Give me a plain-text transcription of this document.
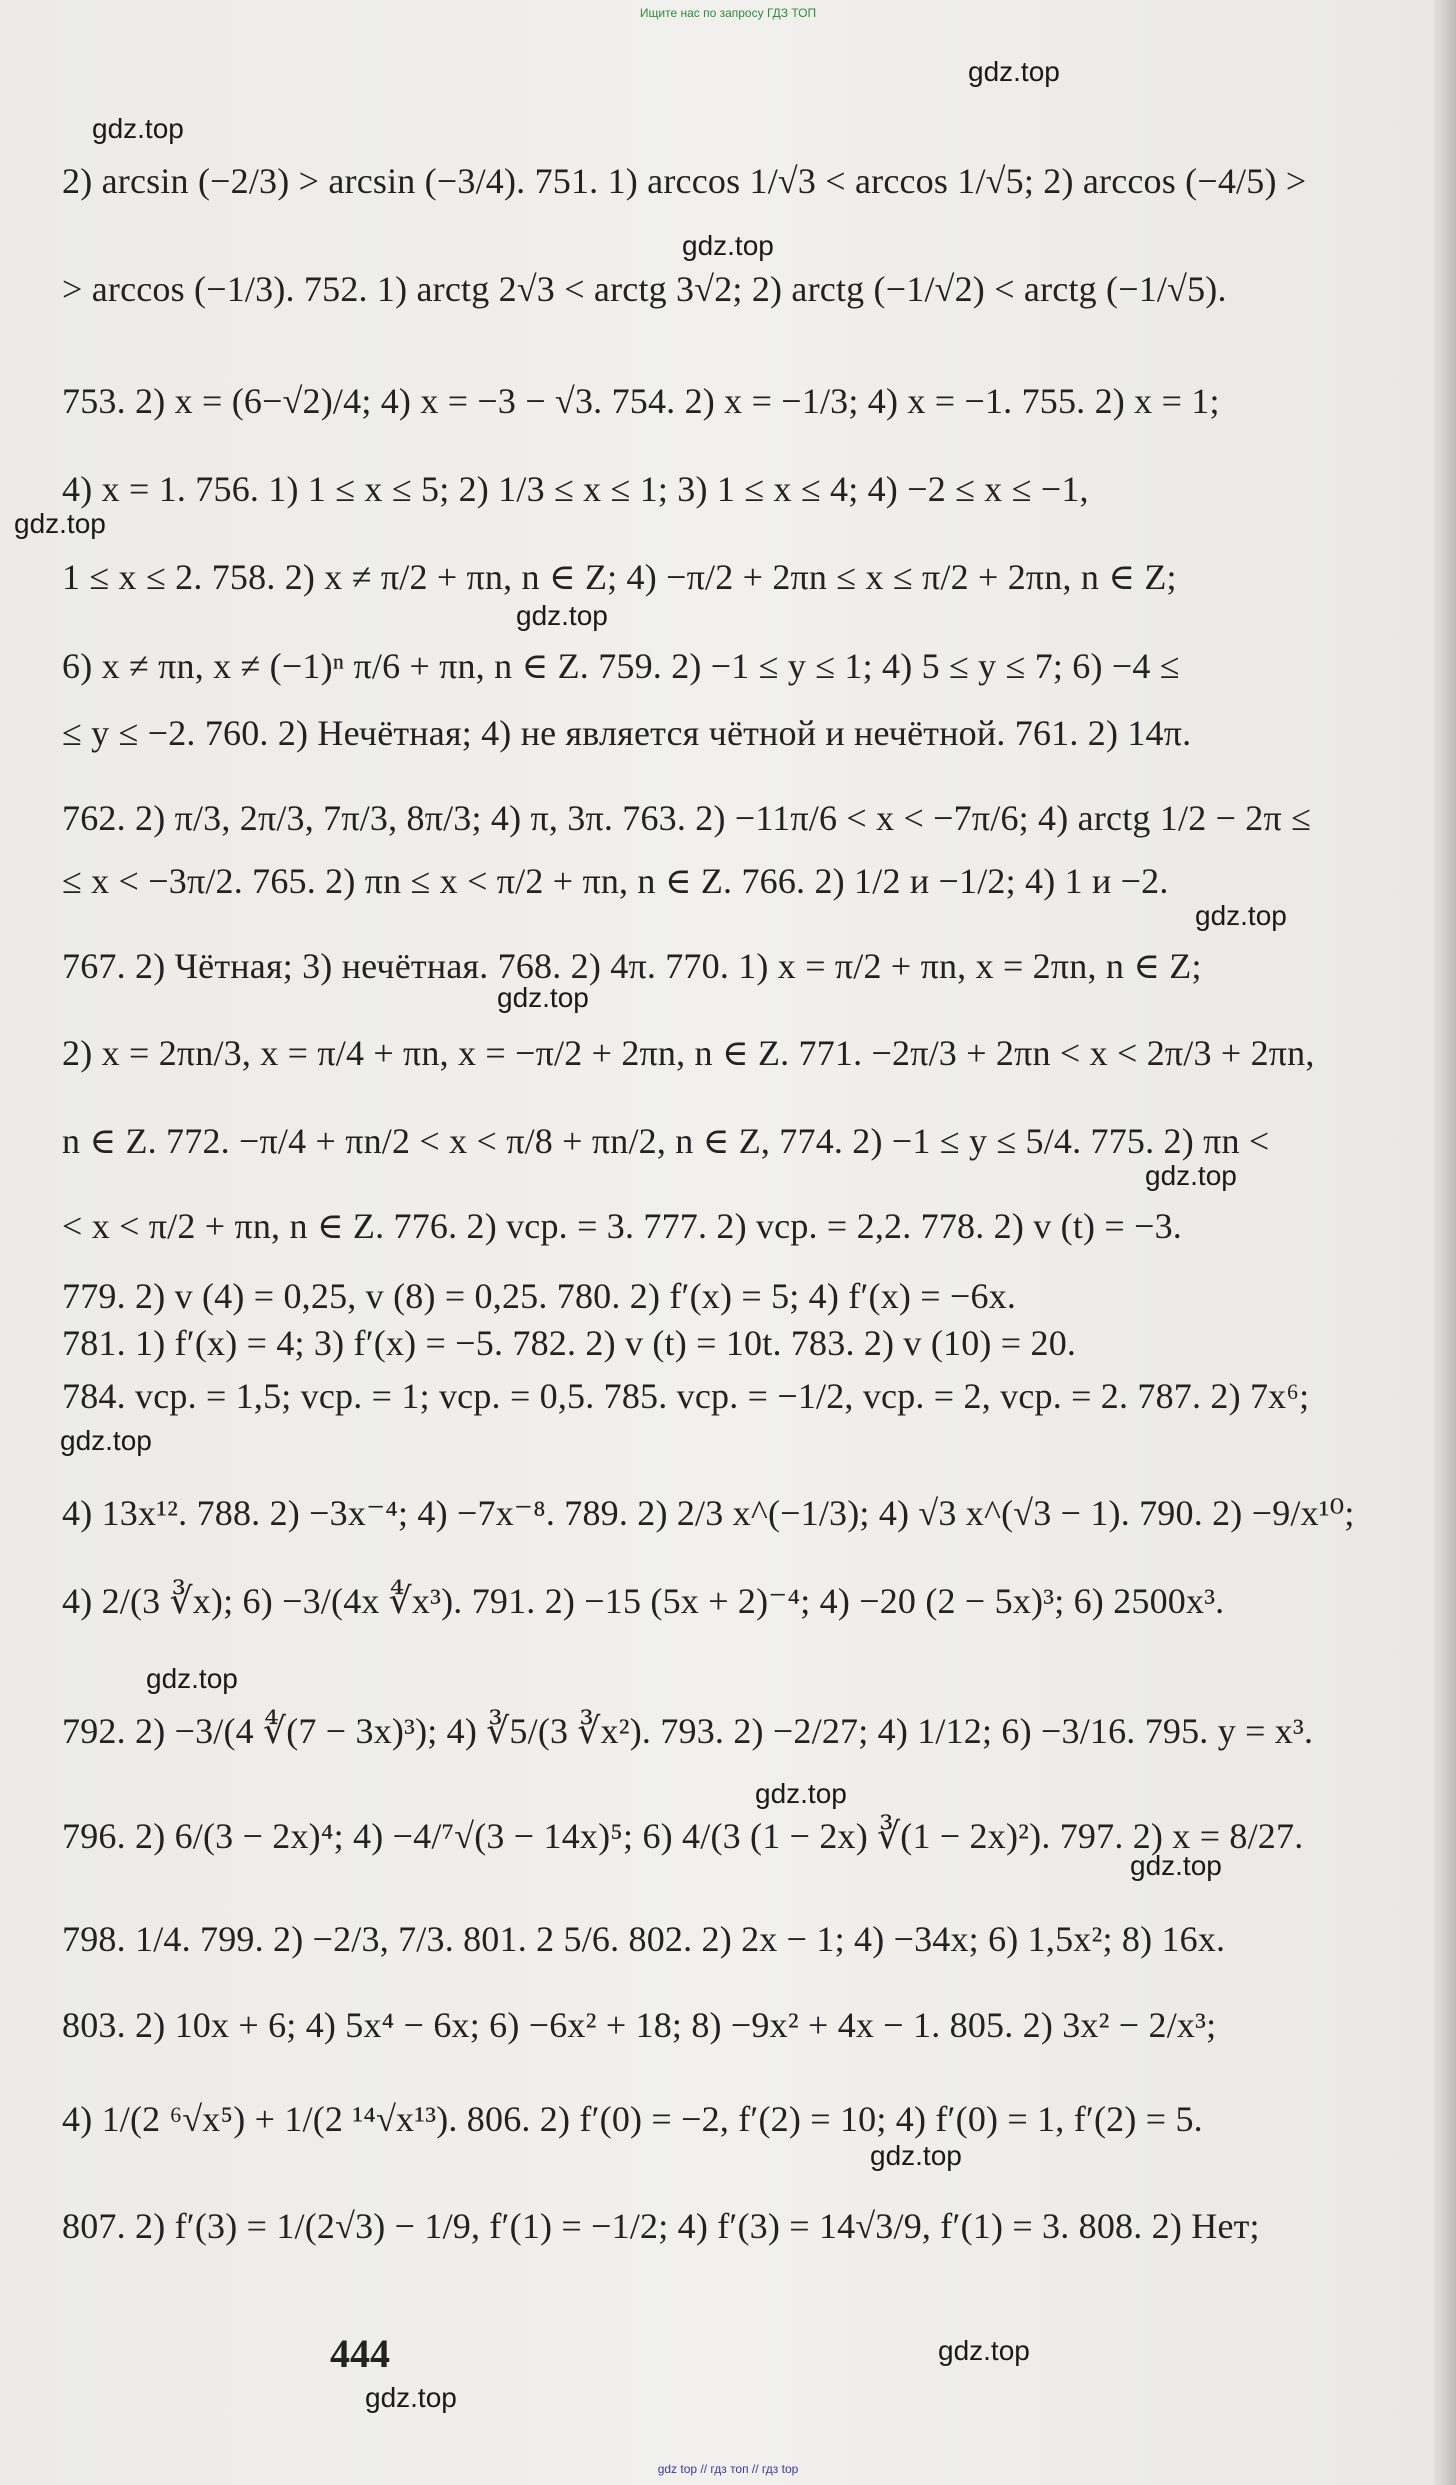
Ищите нас по запросу ГДЗ ТОП
gdz.top
gdz.top
gdz.top
gdz.top
gdz.top
gdz.top
gdz.top
gdz.top
gdz.top
gdz.top
gdz.top
gdz.top
gdz.top
gdz.top
gdz.top
2) arcsin (−2/3) > arcsin (−3/4). 751. 1) arccos 1/√3 < arccos 1/√5; 2) arccos (−4/5) >
> arccos (−1/3). 752. 1) arctg 2√3 < arctg 3√2; 2) arctg (−1/√2) < arctg (−1/√5).
753. 2) x = (6−√2)/4; 4) x = −3 − √3. 754. 2) x = −1/3; 4) x = −1. 755. 2) x = 1;
4) x = 1. 756. 1) 1 ≤ x ≤ 5; 2) 1/3 ≤ x ≤ 1; 3) 1 ≤ x ≤ 4; 4) −2 ≤ x ≤ −1,
1 ≤ x ≤ 2. 758. 2) x ≠ π/2 + πn, n ∈ Z; 4) −π/2 + 2πn ≤ x ≤ π/2 + 2πn, n ∈ Z;
6) x ≠ πn, x ≠ (−1)ⁿ π/6 + πn, n ∈ Z. 759. 2) −1 ≤ y ≤ 1; 4) 5 ≤ y ≤ 7; 6) −4 ≤
≤ y ≤ −2. 760. 2) Нечётная; 4) не является чётной и нечётной. 761. 2) 14π.
762. 2) π/3, 2π/3, 7π/3, 8π/3; 4) π, 3π. 763. 2) −11π/6 < x < −7π/6; 4) arctg 1/2 − 2π ≤
≤ x < −3π/2. 765. 2) πn ≤ x < π/2 + πn, n ∈ Z. 766. 2) 1/2 и −1/2; 4) 1 и −2.
767. 2) Чётная; 3) нечётная. 768. 2) 4π. 770. 1) x = π/2 + πn, x = 2πn, n ∈ Z;
2) x = 2πn/3, x = π/4 + πn, x = −π/2 + 2πn, n ∈ Z. 771. −2π/3 + 2πn < x < 2π/3 + 2πn,
n ∈ Z. 772. −π/4 + πn/2 < x < π/8 + πn/2, n ∈ Z, 774. 2) −1 ≤ y ≤ 5/4. 775. 2) πn <
< x < π/2 + πn, n ∈ Z. 776. 2) vср. = 3. 777. 2) vср. = 2,2. 778. 2) v (t) = −3.
779. 2) v (4) = 0,25, v (8) = 0,25. 780. 2) f′(x) = 5; 4) f′(x) = −6x.
781. 1) f′(x) = 4; 3) f′(x) = −5. 782. 2) v (t) = 10t. 783. 2) v (10) = 20.
784. vср. = 1,5; vср. = 1; vср. = 0,5. 785. vср. = −1/2, vср. = 2, vср. = 2. 787. 2) 7x⁶;
4) 13x¹². 788. 2) −3x⁻⁴; 4) −7x⁻⁸. 789. 2) 2/3 x^(−1/3); 4) √3 x^(√3 − 1). 790. 2) −9/x¹⁰;
4) 2/(3 ∛x); 6) −3/(4x ∜x³). 791. 2) −15 (5x + 2)⁻⁴; 4) −20 (2 − 5x)³; 6) 2500x³.
792. 2) −3/(4 ∜(7 − 3x)³); 4) ∛5/(3 ∛x²). 793. 2) −2/27; 4) 1/12; 6) −3/16. 795. y = x³.
796. 2) 6/(3 − 2x)⁴; 4) −4/⁷√(3 − 14x)⁵; 6) 4/(3 (1 − 2x) ∛(1 − 2x)²). 797. 2) x = 8/27.
798. 1/4. 799. 2) −2/3, 7/3. 801. 2 5/6. 802. 2) 2x − 1; 4) −34x; 6) 1,5x²; 8) 16x.
803. 2) 10x + 6; 4) 5x⁴ − 6x; 6) −6x² + 18; 8) −9x² + 4x − 1. 805. 2) 3x² − 2/x³;
4) 1/(2 ⁶√x⁵) + 1/(2 ¹⁴√x¹³). 806. 2) f′(0) = −2, f′(2) = 10; 4) f′(0) = 1, f′(2) = 5.
807. 2) f′(3) = 1/(2√3) − 1/9, f′(1) = −1/2; 4) f′(3) = 14√3/9, f′(1) = 3. 808. 2) Нет;
444
gdz top // гдз топ // гдз top
